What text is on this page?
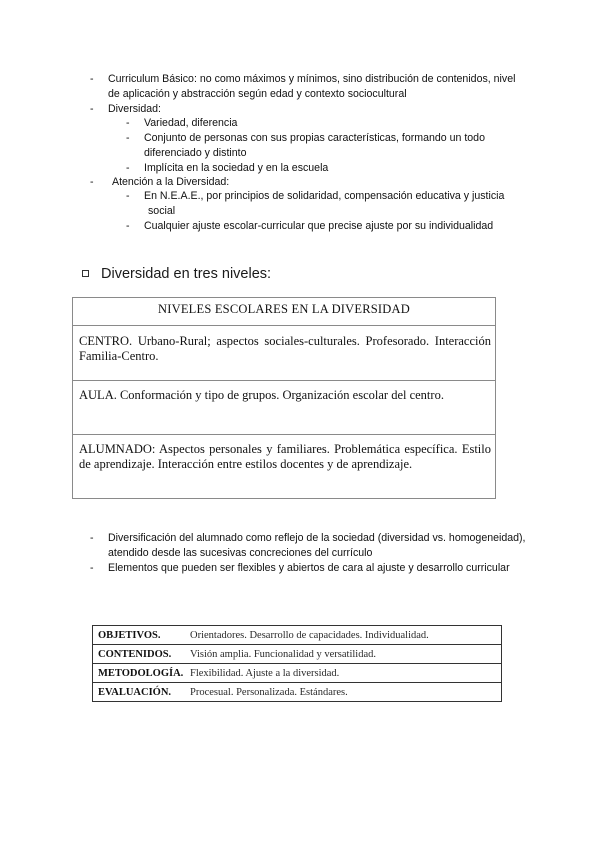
- Curriculum Básico: no como máximos y mínimos, sino distribución de contenidos, nivel de aplicación y abstracción según edad y contexto sociocultural
- Diversidad:
- Variedad, diferencia
- Conjunto de personas con sus propias características, formando un todo diferenciado y distinto
- Implícita en la sociedad y en la escuela
- Atención a la Diversidad:
- En N.E.A.E., por principios de solidaridad, compensación educativa y justicia social
- Cualquier ajuste escolar-curricular que precise ajuste por su individualidad
Diversidad en tres niveles:
NIVELES ESCOLARES EN LA DIVERSIDAD
CENTRO. Urbano-Rural; aspectos sociales-culturales. Profesorado. Interacción Familia-Centro.
AULA. Conformación y tipo de grupos. Organización escolar del centro.
ALUMNADO: Aspectos personales y familiares. Problemática específica. Estilo de aprendizaje. Interacción entre estilos docentes y de aprendizaje.
- Diversificación del alumnado como reflejo de la sociedad (diversidad vs. homogeneidad), atendido desde las sucesivas concreciones del currículo
- Elementos que pueden ser flexibles y abiertos de cara al ajuste y desarrollo curricular
OBJETIVOS.	Orientadores. Desarrollo de capacidades. Individualidad.
CONTENIDOS. Visión amplia. Funcionalidad y versatilidad.
METODOLOGÍA. Flexibilidad. Ajuste a la diversidad.
EVALUACIÓN. Procesual. Personalizada. Estándares.
